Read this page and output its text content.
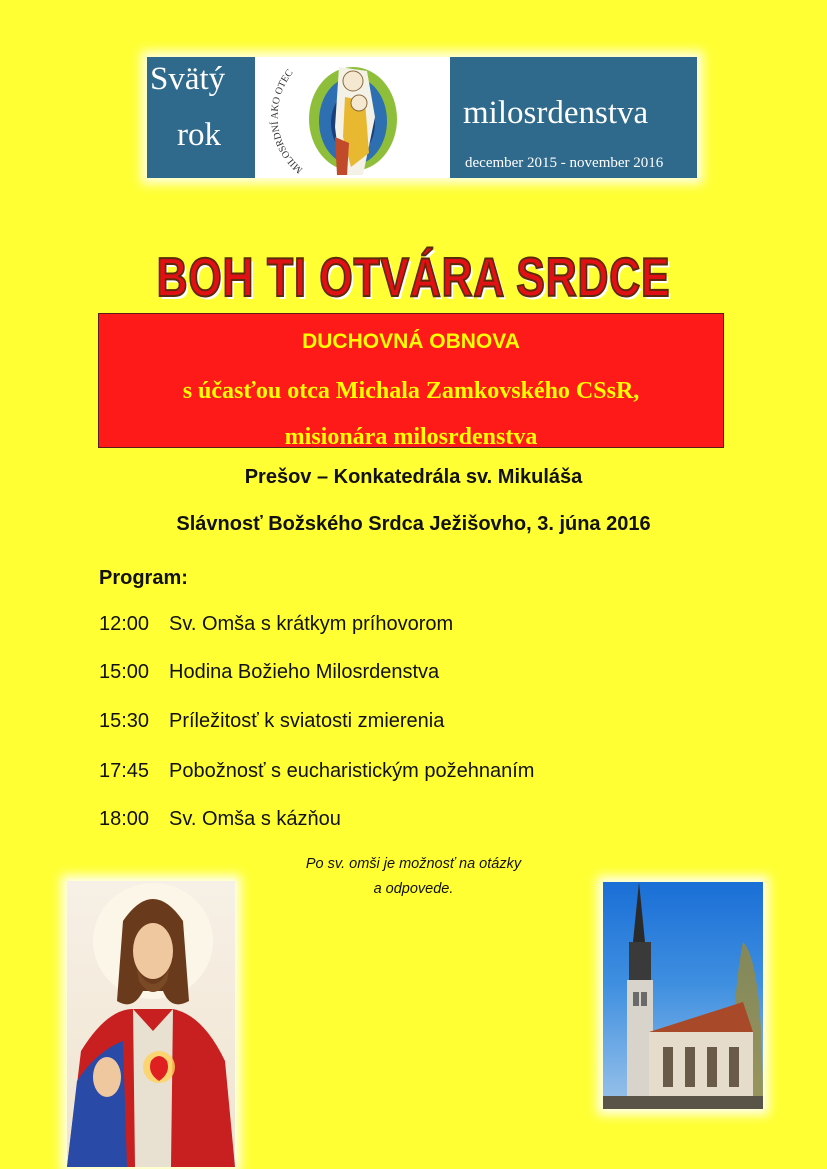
Svätý
rok
MILOSRDNÍ AKO OTEC
milosrdenstva
december 2015 - november 2016
BOH TI OTVÁRA SRDCE
DUCHOVNÁ OBNOVA
s účasťou otca Michala Zamkovského CSsR,
misionára milosrdenstva
Prešov – Konkatedrála sv. Mikuláša
Slávnosť Božského Srdca Ježišovho, 3. júna 2016
Program:
12:00 Sv. Omša s krátkym príhovorom
15:00 Hodina Božieho Milosrdenstva
15:30 Príležitosť k sviatosti zmierenia
17:45 Pobožnosť s eucharistickým požehnaním
18:00 Sv. Omša s kázňou
Po sv. omši je možnosť na otázky
a odpovede.
